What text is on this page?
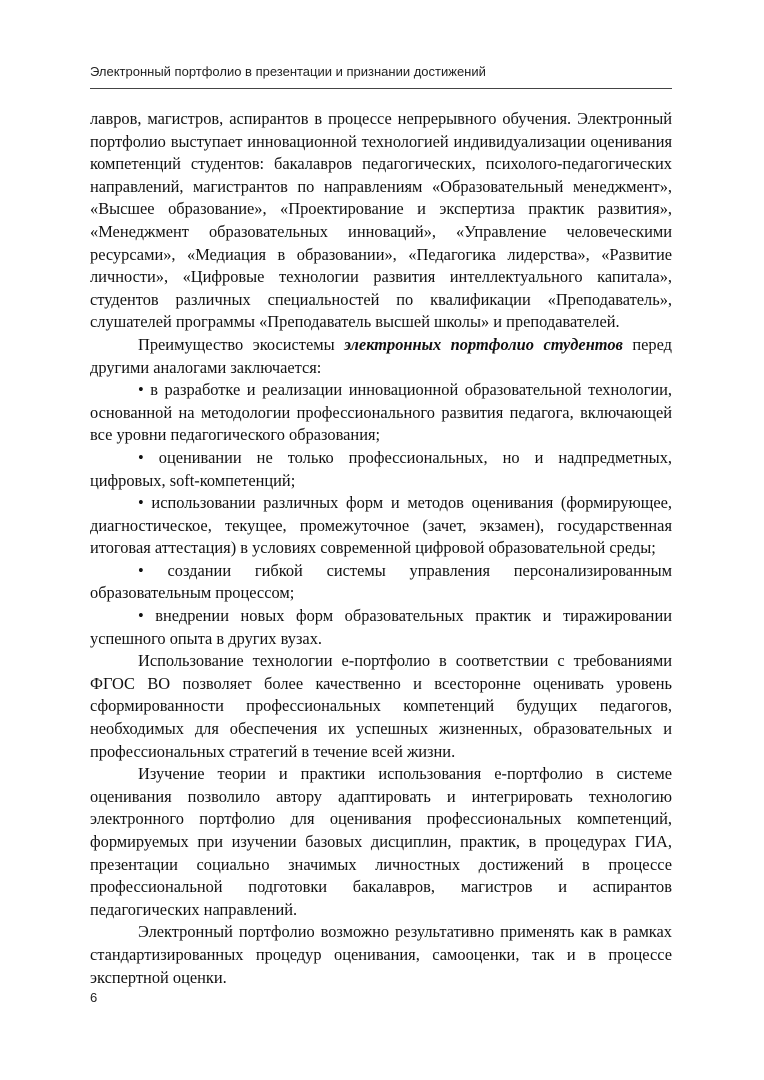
Электронный портфолио в презентации и признании достижений

лавров, магистров, аспирантов в процессе непрерывного обучения. Электронный портфолио выступает инновационной технологией индивидуализации оценивания компетенций студентов: бакалавров педагогических, психолого-педагогических направлений, магистрантов по направлениям «Образовательный менеджмент», «Высшее образование», «Проектирование и экспертиза практик развития», «Менеджмент образовательных инноваций», «Управление человеческими ресурсами», «Медиация в образовании», «Педагогика лидерства», «Развитие личности», «Цифровые технологии развития интеллектуального капитала», студентов различных специальностей по квалификации «Преподаватель», слушателей программы «Преподаватель высшей школы» и преподавателей.

Преимущество экосистемы электронных портфолио студентов перед другими аналогами заключается:

• в разработке и реализации инновационной образовательной технологии, основанной на методологии профессионального развития педагога, включающей все уровни педагогического образования;

• оценивании не только профессиональных, но и надпредметных, цифровых, soft-компетенций;

• использовании различных форм и методов оценивания (формирующее, диагностическое, текущее, промежуточное (зачет, экзамен), государственная итоговая аттестация) в условиях современной цифровой образовательной среды;

• создании гибкой системы управления персонализированным образовательным процессом;

• внедрении новых форм образовательных практик и тиражировании успешного опыта в других вузах.

Использование технологии е-портфолио в соответствии с требованиями ФГОС ВО позволяет более качественно и всесторонне оценивать уровень сформированности профессиональных компетенций будущих педагогов, необходимых для обеспечения их успешных жизненных, образовательных и профессиональных стратегий в течение всей жизни.

Изучение теории и практики использования е-портфолио в системе оценивания позволило автору адаптировать и интегрировать технологию электронного портфолио для оценивания профессиональных компетенций, формируемых при изучении базовых дисциплин, практик, в процедурах ГИА, презентации социально значимых личностных достижений в процессе профессиональной подготовки бакалавров, магистров и аспирантов педагогических направлений.

Электронный портфолио возможно результативно применять как в рамках стандартизированных процедур оценивания, самооценки, так и в процессе экспертной оценки.

6
